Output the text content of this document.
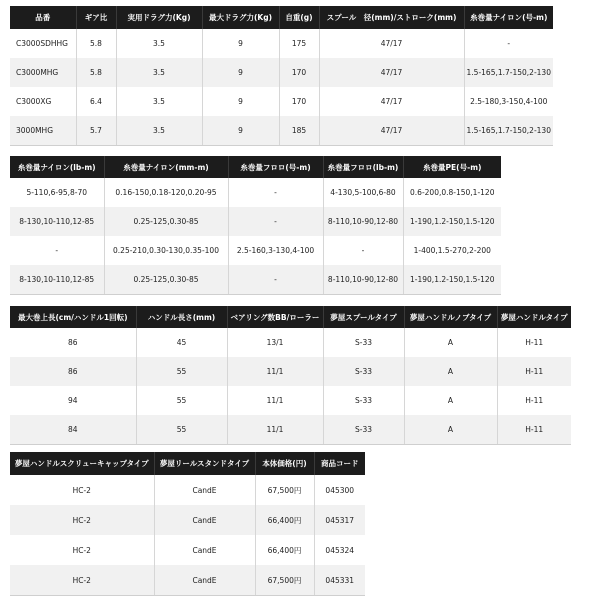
品番	ギア比	実用ドラグ力(Kg)	最大ドラグ力(Kg)	自重(g)	スプール　径(mm)/ストローク(mm)	糸巻量ナイロン(号-m)
C3000SDHHG	5.8	3.5	9	175	47/17	-
C3000MHG	5.8	3.5	9	170	47/17	1.5-165,1.7-150,2-130
C3000XG	6.4	3.5	9	170	47/17	2.5-180,3-150,4-100
3000MHG	5.7	3.5	9	185	47/17	1.5-165,1.7-150,2-130
糸巻量ナイロン(lb-m)	糸巻量ナイロン(mm-m)	糸巻量フロロ(号-m)	糸巻量フロロ(lb-m)	糸巻量PE(号-m)
5-110,6-95,8-70	0.16-150,0.18-120,0.20-95	-	4-130,5-100,6-80	0.6-200,0.8-150,1-120
8-130,10-110,12-85	0.25-125,0.30-85	-	8-110,10-90,12-80	1-190,1.2-150,1.5-120
-	0.25-210,0.30-130,0.35-100	2.5-160,3-130,4-100	-	1-400,1.5-270,2-200
8-130,10-110,12-85	0.25-125,0.30-85	-	8-110,10-90,12-80	1-190,1.2-150,1.5-120
最大巻上長(cm/ハンドル1回転)	ハンドル長さ(mm)	ベアリング数BB/ローラー	夢屋スプールタイプ	夢屋ハンドルノブタイプ	夢屋ハンドルタイプ
86	45	13/1	S-33	A	H-11
86	55	11/1	S-33	A	H-11
94	55	11/1	S-33	A	H-11
84	55	11/1	S-33	A	H-11
夢屋ハンドルスクリューキャップタイプ	夢屋リールスタンドタイプ	本体価格(円)	商品コード
HC-2	CandE	67,500円	045300
HC-2	CandE	66,400円	045317
HC-2	CandE	66,400円	045324
HC-2	CandE	67,500円	045331
